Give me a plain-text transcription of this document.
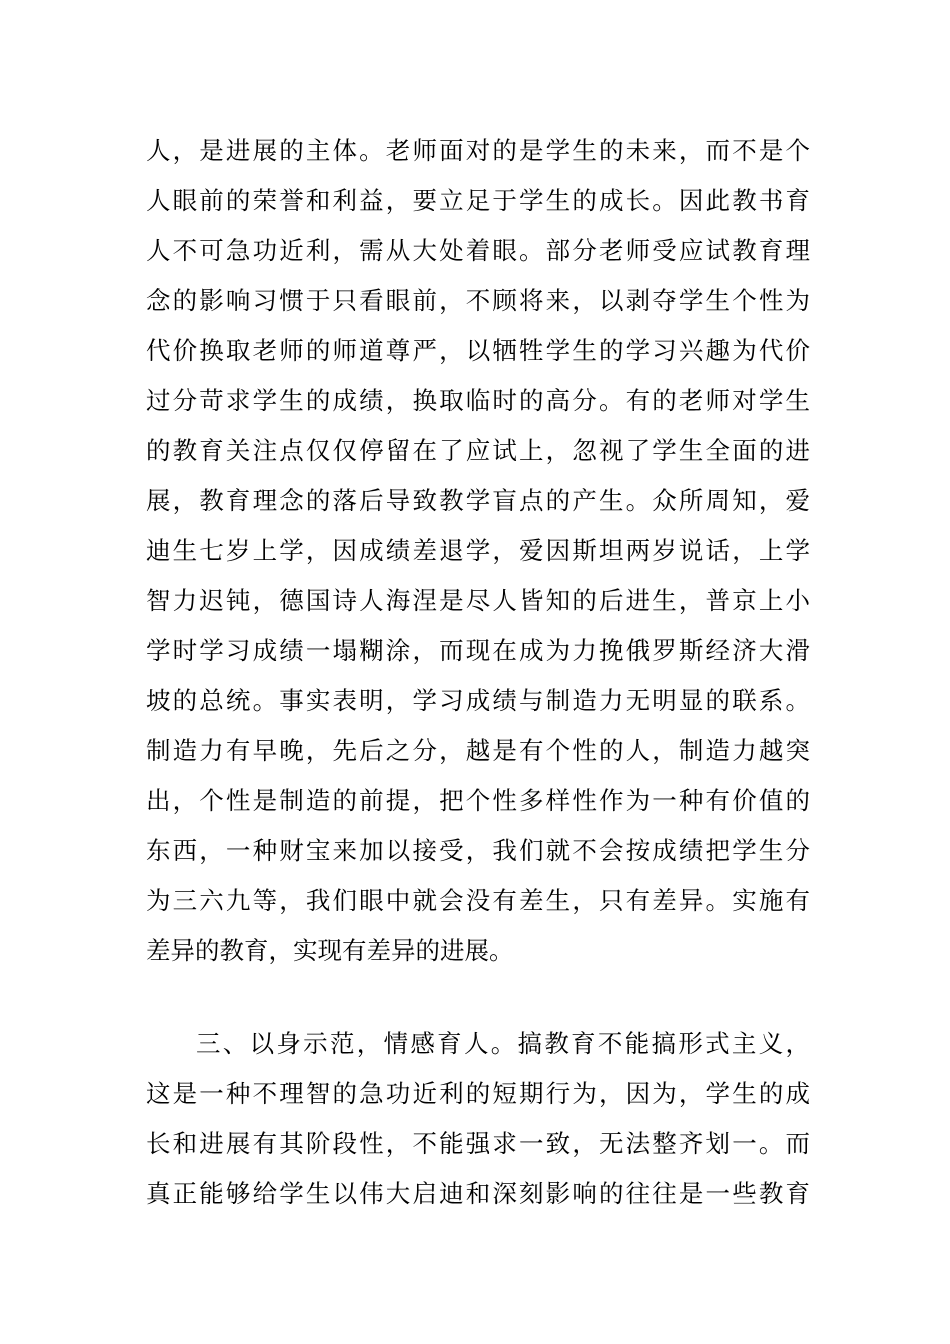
人，是进展的主体。老师面对的是学生的未来，而不是个
人眼前的荣誉和利益，要立足于学生的成长。因此教书育
人不可急功近利，需从大处着眼。部分老师受应试教育理
念的影响习惯于只看眼前，不顾将来，以剥夺学生个性为
代价换取老师的师道尊严，以牺牲学生的学习兴趣为代价
过分苛求学生的成绩，换取临时的高分。有的老师对学生
的教育关注点仅仅停留在了应试上，忽视了学生全面的进
展，教育理念的落后导致教学盲点的产生。众所周知，爱
迪生七岁上学，因成绩差退学，爱因斯坦两岁说话，上学
智力迟钝，德国诗人海涅是尽人皆知的后进生，普京上小
学时学习成绩一塌糊涂，而现在成为力挽俄罗斯经济大滑
坡的总统。事实表明，学习成绩与制造力无明显的联系。
制造力有早晚，先后之分，越是有个性的人，制造力越突
出，个性是制造的前提，把个性多样性作为一种有价值的
东西，一种财宝来加以接受，我们就不会按成绩把学生分
为三六九等，我们眼中就会没有差生，只有差异。实施有
差异的教育，实现有差异的进展。
三、以身示范，情感育人。搞教育不能搞形式主义，
这是一种不理智的急功近利的短期行为，因为，学生的成
长和进展有其阶段性，不能强求一致，无法整齐划一。而
真正能够给学生以伟大启迪和深刻影响的往往是一些教育
